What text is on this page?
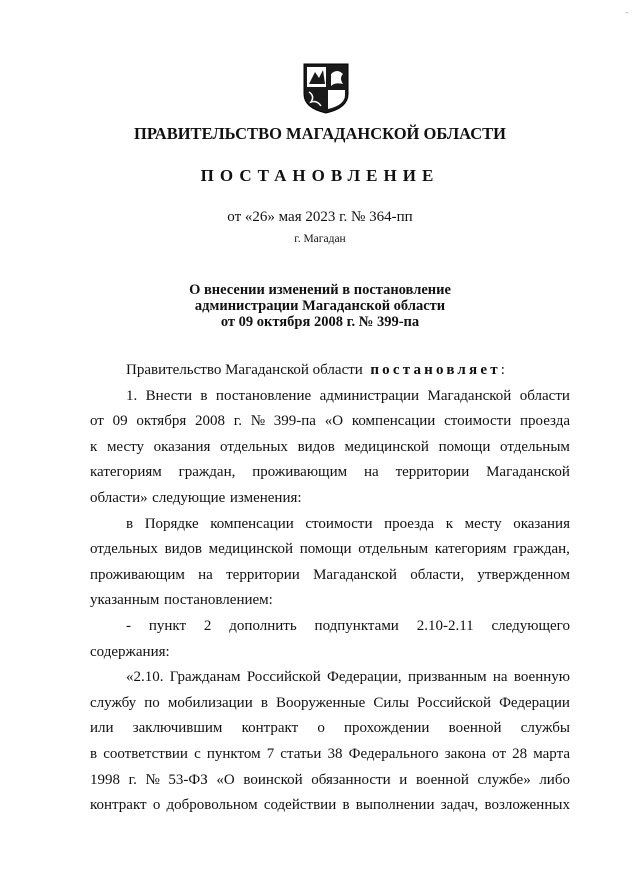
-
ПРАВИТЕЛЬСТВО МАГАДАНСКОЙ ОБЛАСТИ
ПОСТАНОВЛЕНИЕ
от «26» мая 2023 г. № 364-пп
г. Магадан
О внесении изменений в постановление
администрации Магаданской области
от 09 октября 2008 г. № 399-па
Правительство Магаданской области
постановляет :
1. Внести в постановление администрации Магаданской области
от 09 октября 2008 г. № 399-па «О компенсации стоимости проезда
к месту оказания отдельных видов медицинской помощи отдельным
категориям граждан, проживающим на территории Магаданской
области» следующие изменения:
в Порядке компенсации стоимости проезда к месту оказания
отдельных видов медицинской помощи отдельным категориям граждан,
проживающим на территории Магаданской области, утвержденном
указанным постановлением:
- пункт 2 дополнить подпунктами 2.10-2.11 следующего
содержания:
«2.10. Гражданам Российской Федерации, призванным на военную
службу по мобилизации в Вооруженные Силы Российской Федерации
или заключившим контракт о прохождении военной службы
в соответствии с пунктом 7 статьи 38 Федерального закона от 28 марта
1998 г. № 53-ФЗ «О воинской обязанности и военной службе» либо
контракт о добровольном содействии в выполнении задач, возложенных
